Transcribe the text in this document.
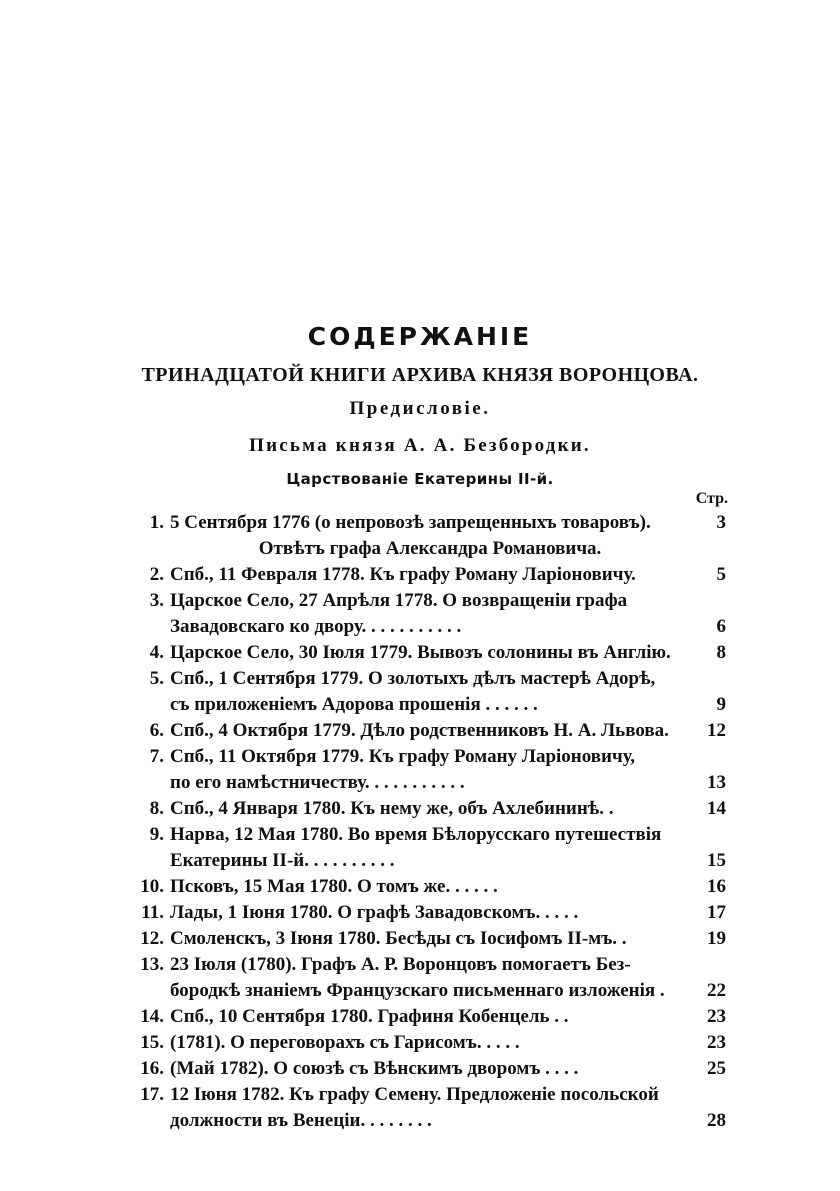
СОДЕРЖАНІЕ
ТРИНАДЦАТОЙ КНИГИ АРХИВА КНЯЗЯ ВОРОНЦОВА.
Предисловіе.
Письма князя А. А. Безбородки.
Царствованіе Екатерины II-й.
Стр.
1. 5 Сентября 1776 (о непровозѣ запрещенныхъ товаровъ).	3
Отвѣтъ графа Александра Романовича.
2. Спб., 11 Февраля 1778. Къ графу Роману Ларіоновичу.	5
3. Царское Село, 27 Апрѣля 1778. О возвращеніи графа
Завадовскаго ко двору. . . . . . . . . . .	6
4. Царское Село, 30 Іюля 1779. Вывозъ солонины въ Англію.	8
5. Спб., 1 Сентября 1779. О золотыхъ дѣлъ мастерѣ Адорѣ,
съ приложеніемъ Адорова прошенія . . . . . .	9
6. Спб., 4 Октября 1779. Дѣло родственниковъ Н. А. Львова.	12
7. Спб., 11 Октября 1779. Къ графу Роману Ларіоновичу,
по его намѣстничеству. . . . . . . . . . .	13
8. Спб., 4 Января 1780. Къ нему же, объ Ахлебининѣ. .	14
9. Нарва, 12 Мая 1780. Во время Бѣлорусскаго путешествія
Екатерины II-й. . . . . . . . . .	15
10. Псковъ, 15 Мая 1780. О томъ же. . . . . .	16
11. Лады, 1 Іюня 1780. О графѣ Завадовскомъ. . . . .	17
12. Смоленскъ, 3 Іюня 1780. Бесѣды съ Іосифомъ II-мъ. .	19
13. 23 Іюля (1780). Графъ А. Р. Воронцовъ помогаетъ Без-
бородкѣ знаніемъ Французскаго письменнаго изложенія .	22
14. Спб., 10 Сентября 1780. Графиня Кобенцель . .	23
15. (1781). О переговорахъ съ Гарисомъ. . . . .	23
16. (Май 1782). О союзѣ съ Вѣнскимъ дворомъ . . . .	25
17. 12 Іюня 1782. Къ графу Семену. Предложеніе посольской
должности въ Венеціи. . . . . . . .	28
